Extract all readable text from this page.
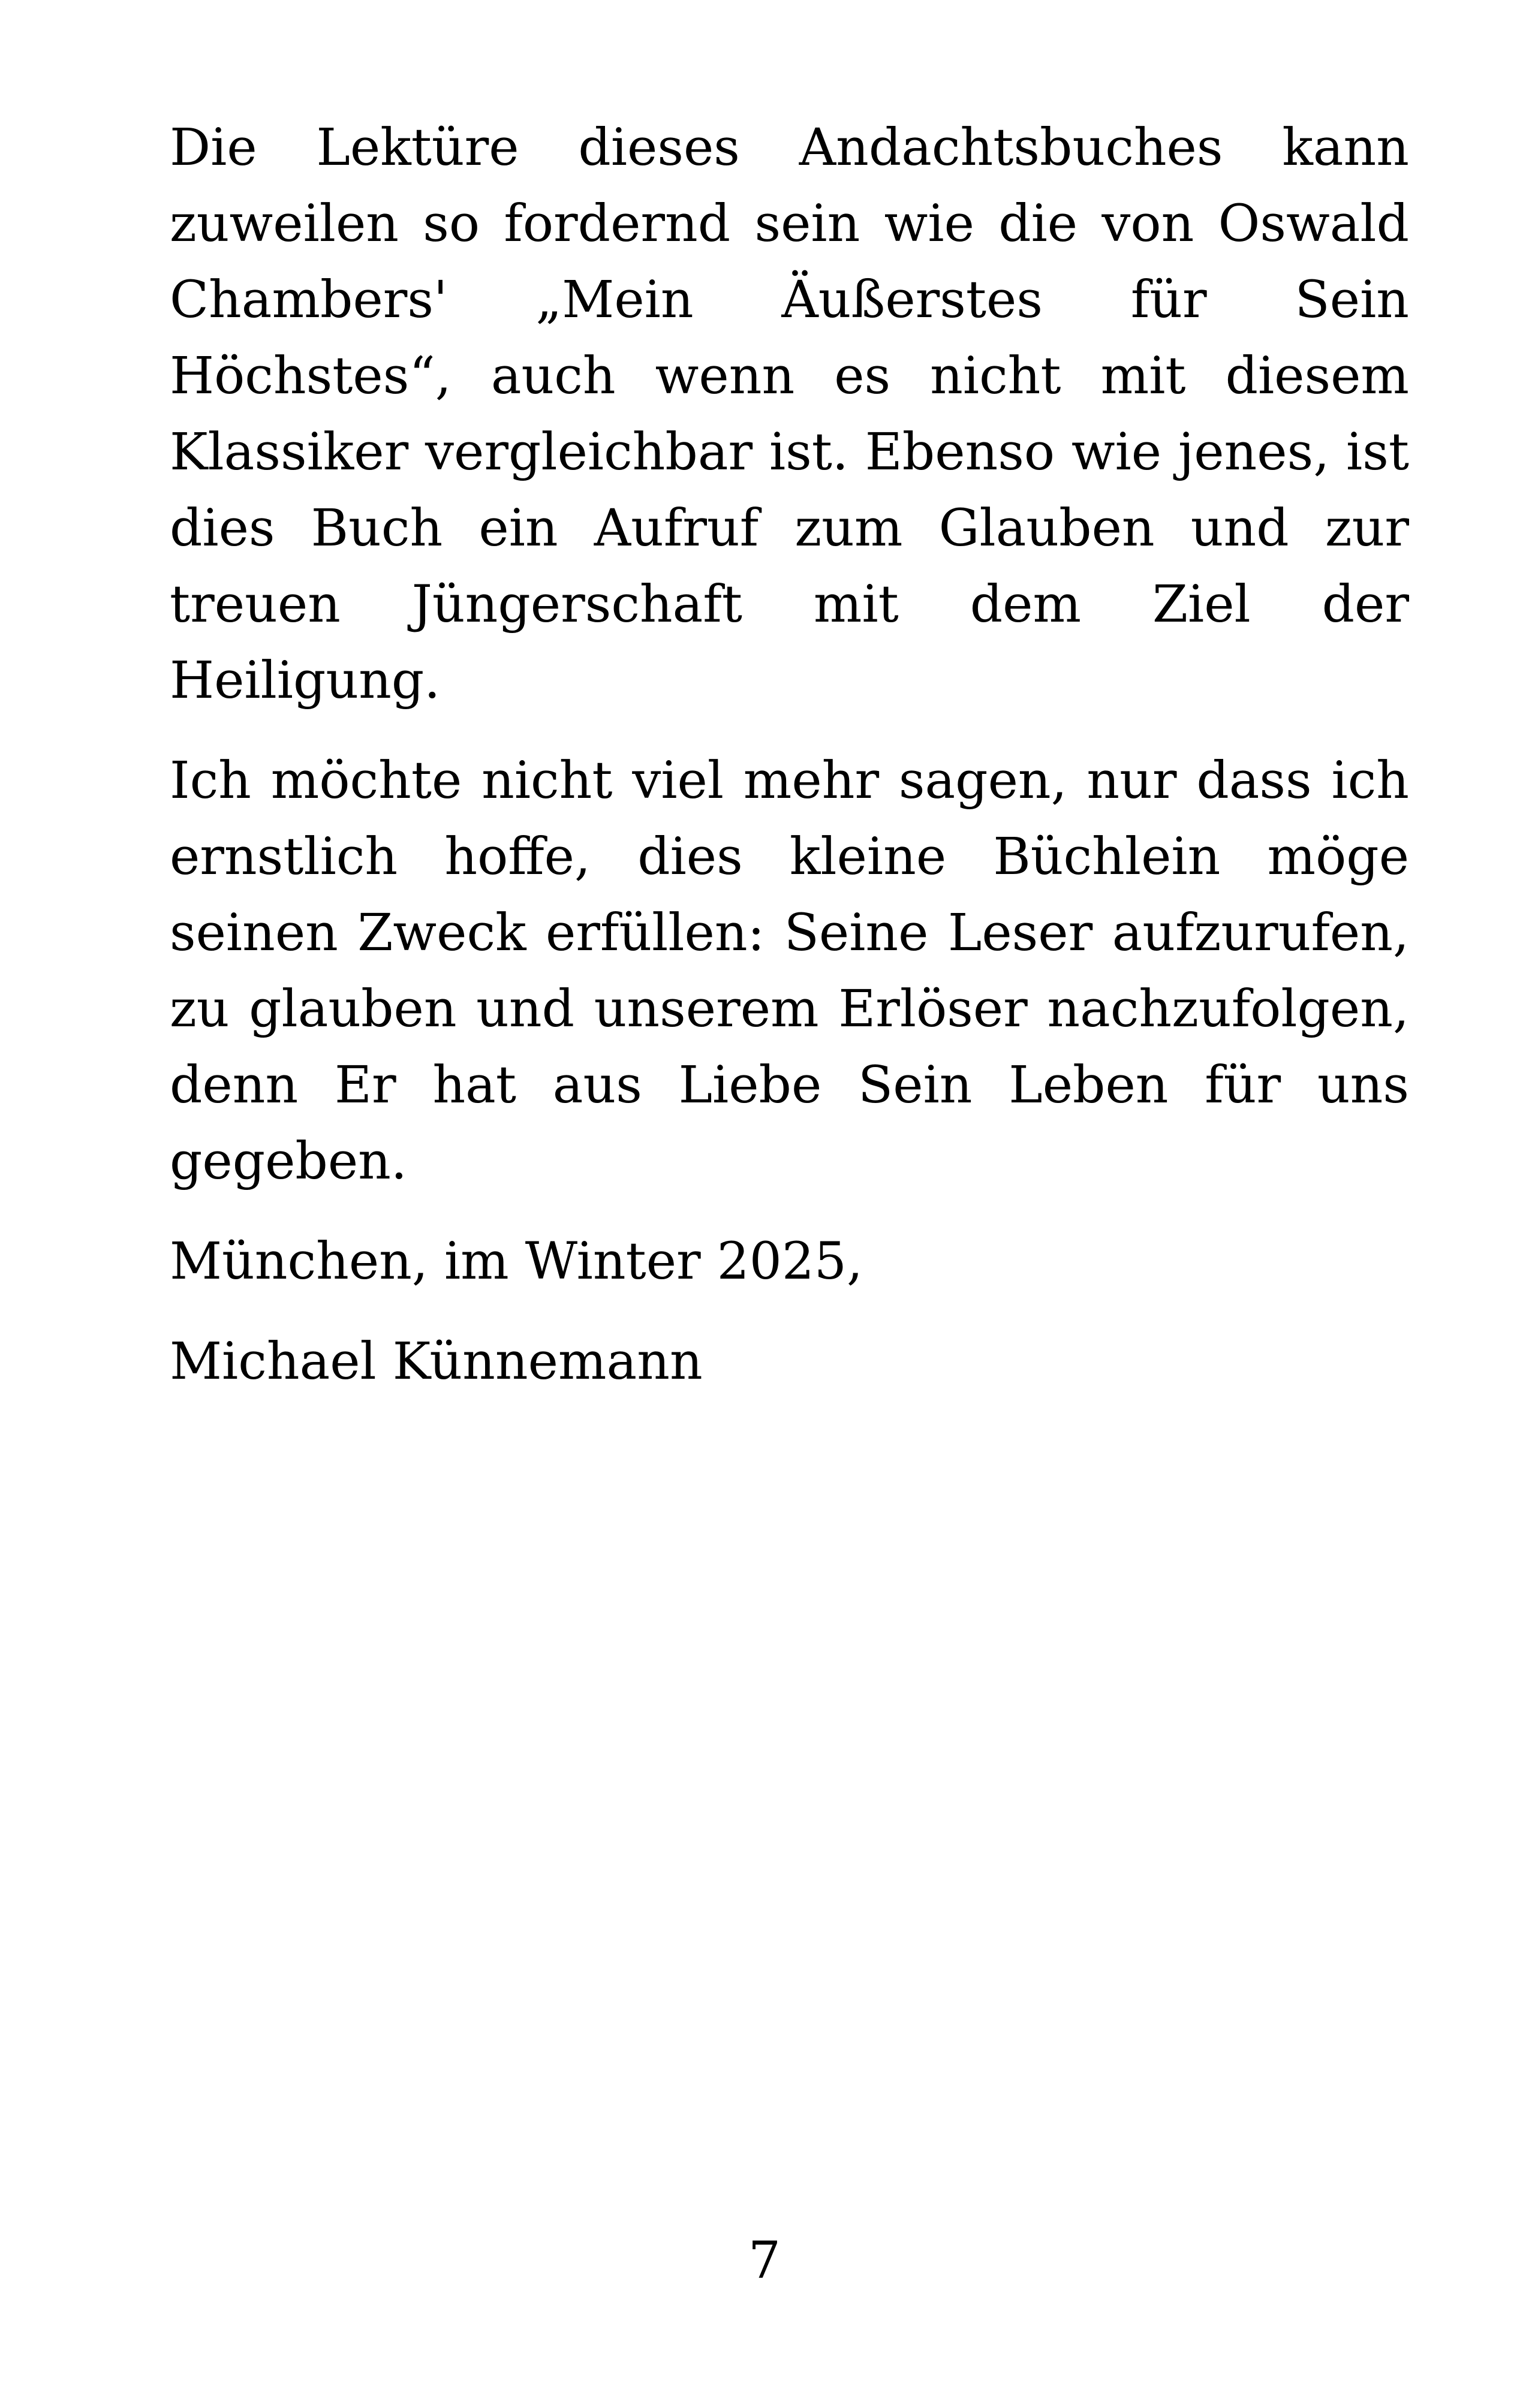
Die Lektüre dieses Andachtsbuches kann zuweilen so fordernd sein wie die von Oswald Chambers' „Mein Äußerstes für Sein Höchstes“, auch wenn es nicht mit diesem Klassiker vergleichbar ist. Ebenso wie jenes, ist dies Buch ein Aufruf zum Glauben und zur treuen Jüngerschaft mit dem Ziel der Heiligung.

Ich möchte nicht viel mehr sagen, nur dass ich ernstlich hoffe, dies kleine Büchlein möge seinen Zweck erfüllen: Seine Leser aufzurufen, zu glauben und unserem Erlöser nachzufolgen, denn Er hat aus Liebe Sein Leben für uns gegeben.

München, im Winter 2025,

Michael Künnemann

7
